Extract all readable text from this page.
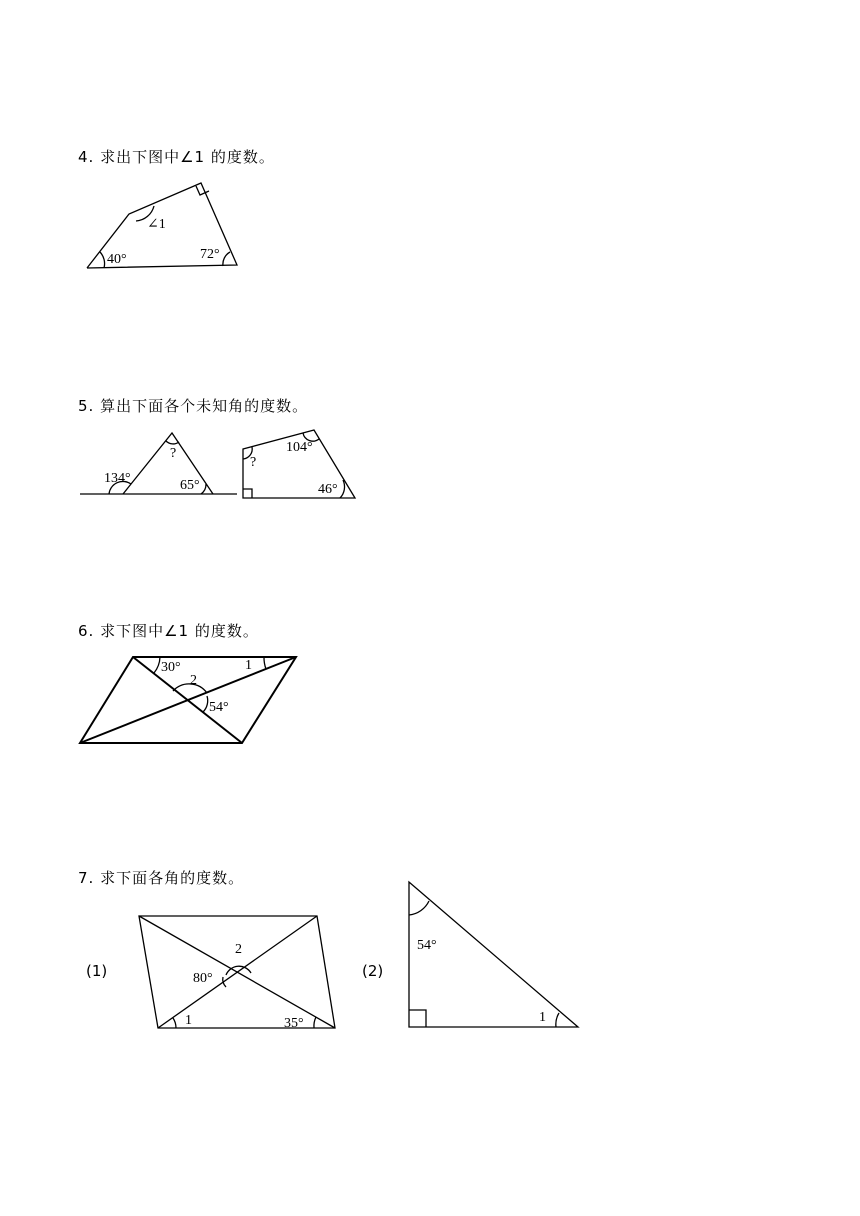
4. 求出下图中∠1 的度数。
∠1
40°	72°
5. 算出下面各个未知角的度数。
134°
?
65°
104°
?
46°
6. 求下图中∠1 的度数。
30°
2
1
54°
7. 求下面各角的度数。
(1)	(2)
2
80°
1	35°
54°
1
